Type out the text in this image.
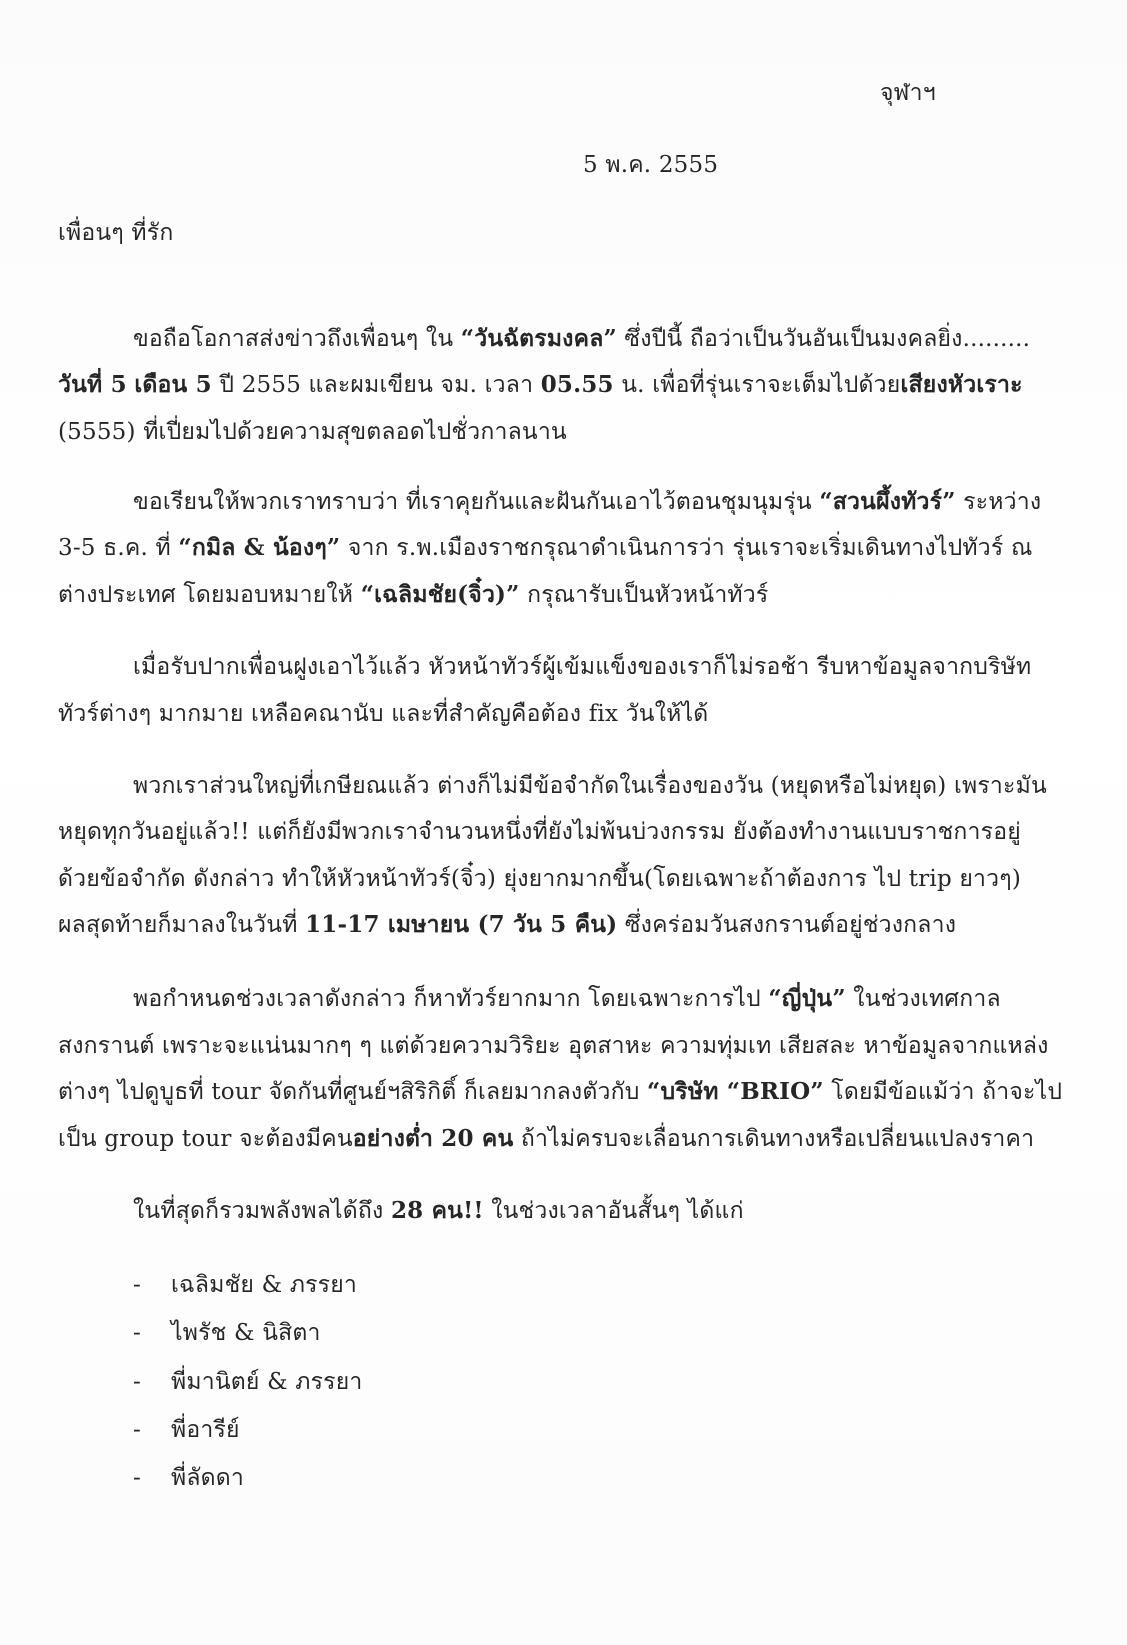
จุฬาฯ
5 พ.ค. 2555
เพื่อนๆ ที่รัก
ขอถือโอกาสส่งข่าวถึงเพื่อนๆ ใน “วันฉัตรมงคล” ซึ่งปีนี้ ถือว่าเป็นวันอันเป็นมงคลยิ่ง.........
วันที่ 5 เดือน 5 ปี 2555 และผมเขียน จม. เวลา 05.55 น. เพื่อที่รุ่นเราจะเต็มไปด้วยเสียงหัวเราะ
(5555) ที่เปี่ยมไปด้วยความสุขตลอดไปชั่วกาลนาน
ขอเรียนให้พวกเราทราบว่า ที่เราคุยกันและฝันกันเอาไว้ตอนชุมนุมรุ่น “สวนผึ้งทัวร์” ระหว่าง
3-5 ธ.ค. ที่ “กมิล & น้องๆ” จาก ร.พ.เมืองราชกรุณาดำเนินการว่า รุ่นเราจะเริ่มเดินทางไปทัวร์ ณ
ต่างประเทศ โดยมอบหมายให้ “เฉลิมชัย(จิ๋ว)” กรุณารับเป็นหัวหน้าทัวร์
เมื่อรับปากเพื่อนฝูงเอาไว้แล้ว หัวหน้าทัวร์ผู้เข้มแข็งของเราก็ไม่รอช้า รีบหาข้อมูลจากบริษัท
ทัวร์ต่างๆ มากมาย เหลือคณานับ และที่สำคัญคือต้อง fix วันให้ได้
พวกเราส่วนใหญ่ที่เกษียณแล้ว ต่างก็ไม่มีข้อจำกัดในเรื่องของวัน (หยุดหรือไม่หยุด) เพราะมัน
หยุดทุกวันอยู่แล้ว!! แต่ก็ยังมีพวกเราจำนวนหนึ่งที่ยังไม่พ้นบ่วงกรรม ยังต้องทำงานแบบราชการอยู่
ด้วยข้อจำกัด ดังกล่าว ทำให้หัวหน้าทัวร์(จิ๋ว) ยุ่งยากมากขึ้น(โดยเฉพาะถ้าต้องการ ไป trip ยาวๆ)
ผลสุดท้ายก็มาลงในวันที่ 11-17 เมษายน (7 วัน 5 คืน) ซึ่งคร่อมวันสงกรานต์อยู่ช่วงกลาง
พอกำหนดช่วงเวลาดังกล่าว ก็หาทัวร์ยากมาก โดยเฉพาะการไป “ญี่ปุ่น” ในช่วงเทศกาล
สงกรานต์ เพราะจะแน่นมากๆ ๆ แต่ด้วยความวิริยะ อุตสาหะ ความทุ่มเท เสียสละ หาข้อมูลจากแหล่ง
ต่างๆ ไปดูบูธที่ tour จัดกันที่ศูนย์ฯสิริกิติ์ ก็เลยมากลงตัวกับ “บริษัท “BRIO” โดยมีข้อแม้ว่า ถ้าจะไป
เป็น group tour จะต้องมีคนอย่างต่ำ 20 คน ถ้าไม่ครบจะเลื่อนการเดินทางหรือเปลี่ยนแปลงราคา
ในที่สุดก็รวมพลังพลได้ถึง 28 คน!! ในช่วงเวลาอันสั้นๆ ได้แก่
- เฉลิมชัย & ภรรยา
- ไพรัช & นิสิตา
- พี่มานิตย์ & ภรรยา
- พี่อารีย์
- พี่ลัดดา
